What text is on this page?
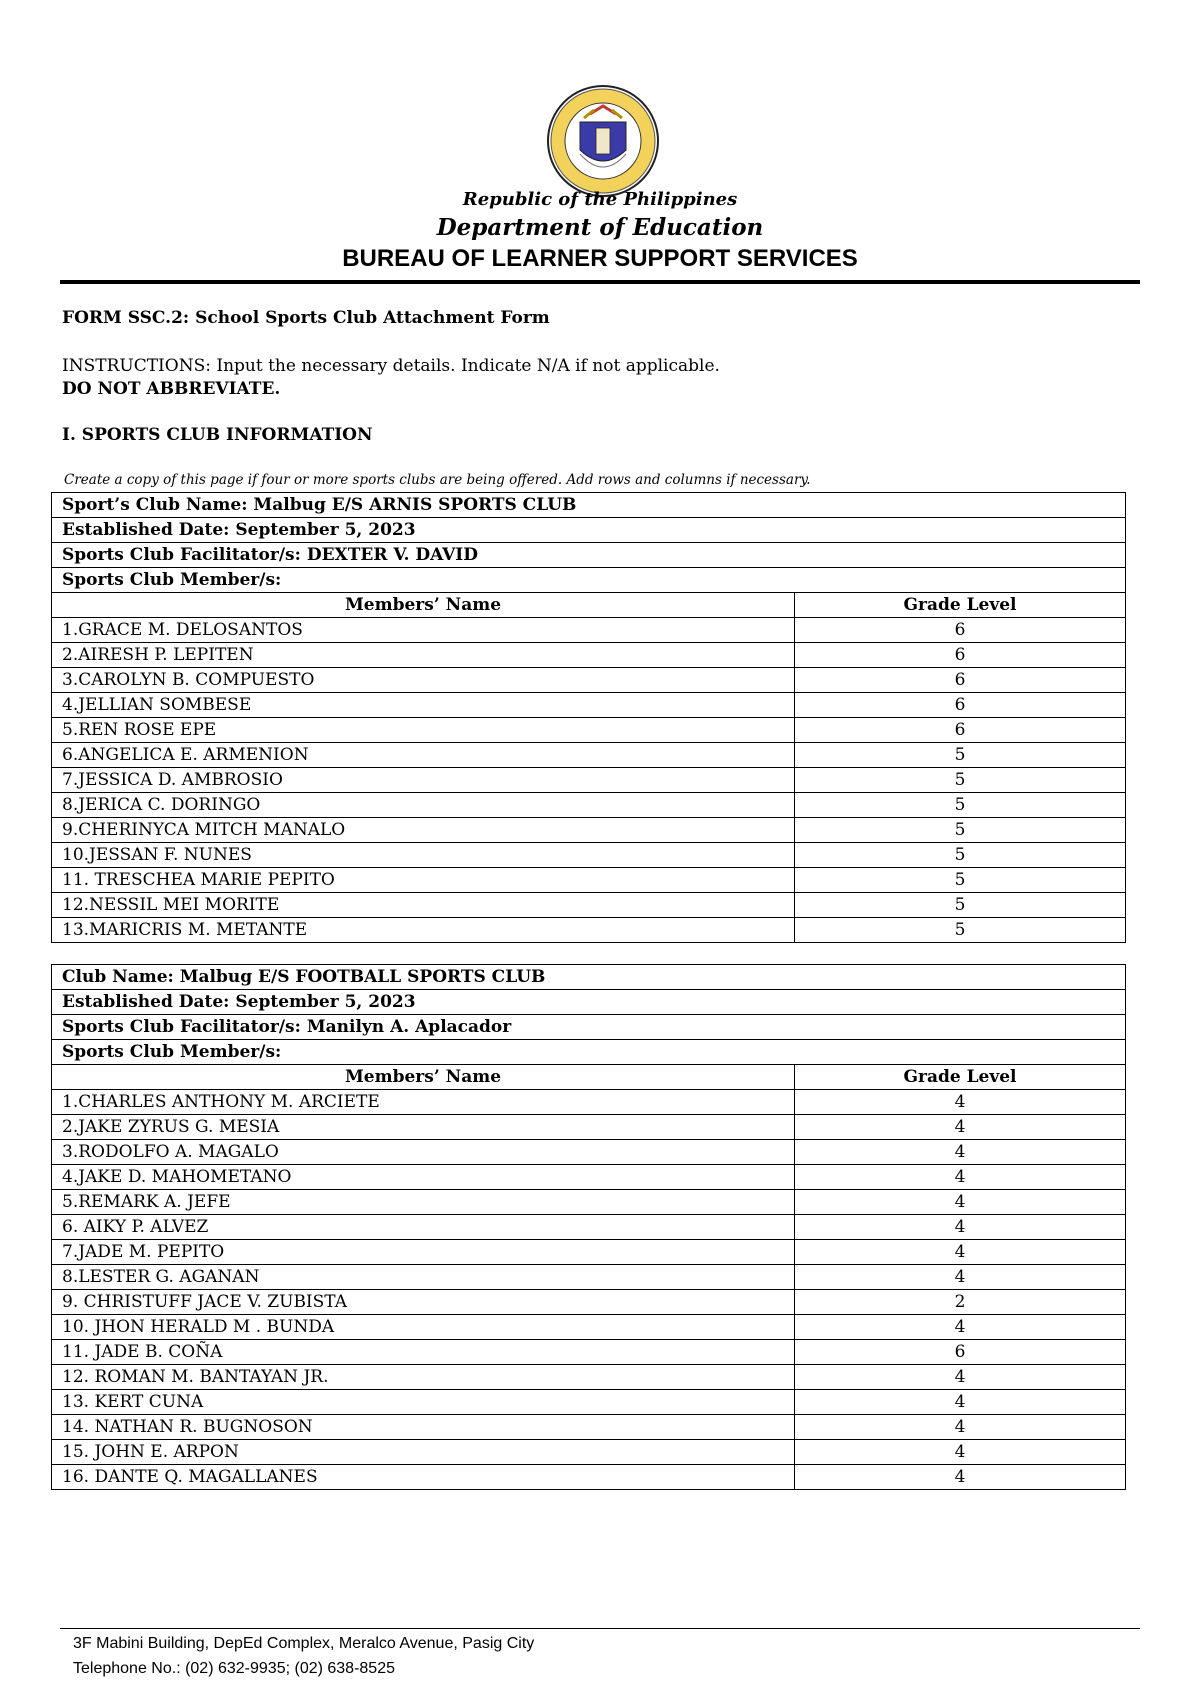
Republic of the Philippines
Department of Education
BUREAU OF LEARNER SUPPORT SERVICES
FORM SSC.2: School Sports Club Attachment Form
INSTRUCTIONS: Input the necessary details. Indicate N/A if not applicable.
DO NOT ABBREVIATE.
I. SPORTS CLUB INFORMATION
Create a copy of this page if four or more sports clubs are being offered. Add rows and columns if necessary.
Sport’s Club Name: Malbug E/S ARNIS SPORTS CLUB	
Established Date: September 5, 2023	
Sports Club Facilitator/s: DEXTER V. DAVID	
Sports Club Member/s:	
Members’ Name	Grade Level
1.GRACE M. DELOSANTOS	6
2.AIRESH P. LEPITEN	6
3.CAROLYN B. COMPUESTO	6
4.JELLIAN SOMBESE	6
5.REN ROSE EPE	6
6.ANGELICA E. ARMENION	5
7.JESSICA D. AMBROSIO	5
8.JERICA C. DORINGO	5
9.CHERINYCA MITCH MANALO	5
10.JESSAN F. NUNES	5
11. TRESCHEA MARIE PEPITO	5
12.NESSIL MEI MORITE	5
13.MARICRIS M. METANTE	5
Club Name: Malbug E/S FOOTBALL SPORTS CLUB	
Established Date: September 5, 2023	
Sports Club Facilitator/s: Manilyn A. Aplacador	
Sports Club Member/s:	
Members’ Name	Grade Level
1.CHARLES ANTHONY M. ARCIETE	4
2.JAKE ZYRUS G. MESIA	4
3.RODOLFO A. MAGALO	4
4.JAKE D. MAHOMETANO	4
5.REMARK A. JEFE	4
6. AIKY P. ALVEZ	4
7.JADE M. PEPITO	4
8.LESTER G. AGANAN	4
9. CHRISTUFF JACE V. ZUBISTA	2
10. JHON HERALD M . BUNDA	4
11. JADE B. COÑA	6
12. ROMAN M. BANTAYAN JR.	4
13. KERT CUNA	4
14. NATHAN R. BUGNOSON	4
15. JOHN E. ARPON	4
16. DANTE Q. MAGALLANES	4
3F Mabini Building, DepEd Complex, Meralco Avenue, Pasig City
Telephone No.: (02) 632-9935; (02) 638-8525
